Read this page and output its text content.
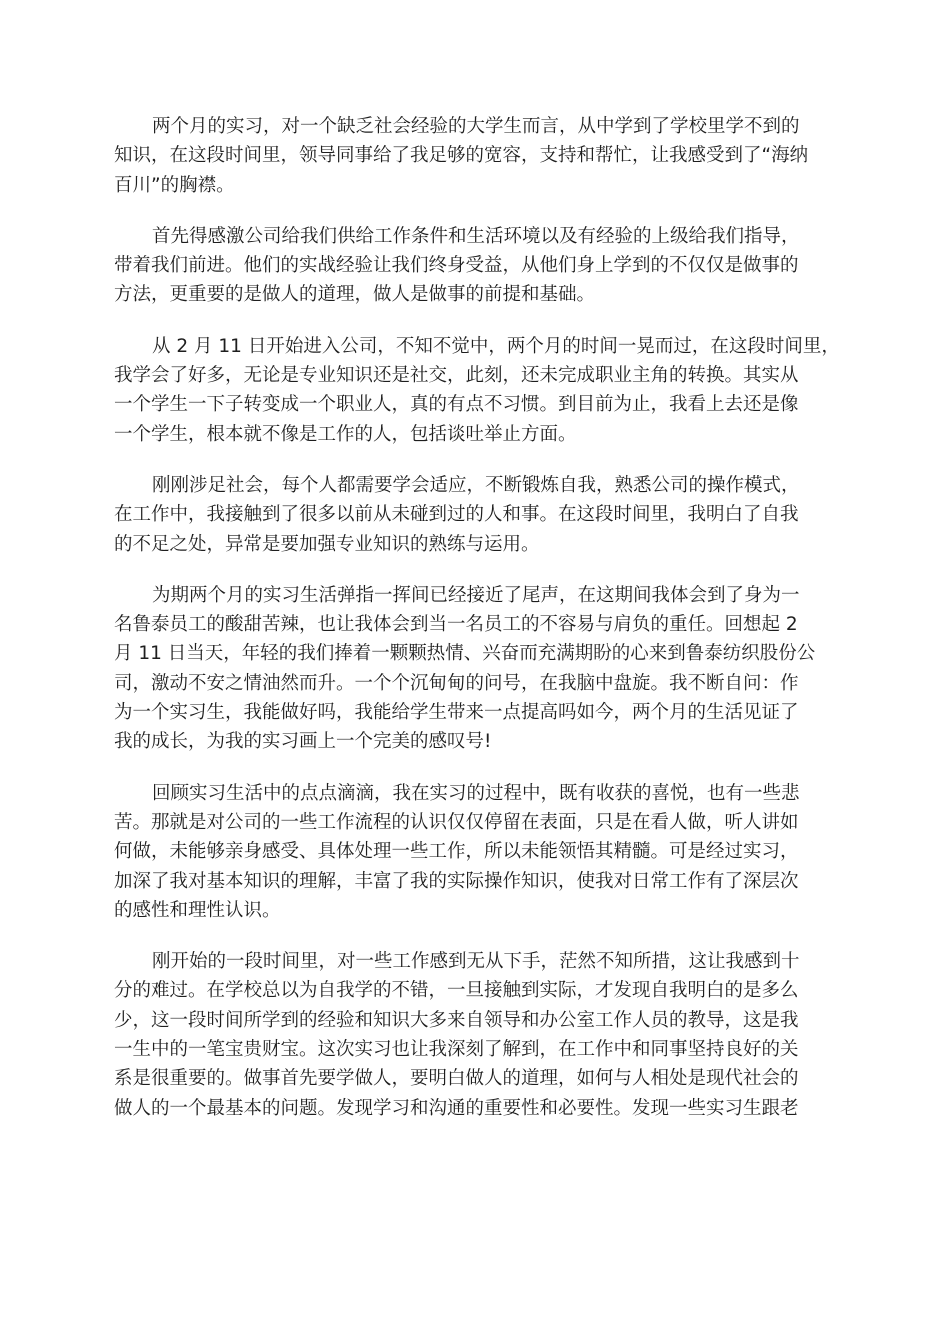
两个月的实习，对一个缺乏社会经验的大学生而言，从中学到了学校里学不到的
知识，在这段时间里，领导同事给了我足够的宽容，支持和帮忙，让我感受到了“海纳
百川”的胸襟。

首先得感激公司给我们供给工作条件和生活环境以及有经验的上级给我们指导，
带着我们前进。他们的实战经验让我们终身受益，从他们身上学到的不仅仅是做事的
方法，更重要的是做人的道理，做人是做事的前提和基础。

从 2 月 11 日开始进入公司，不知不觉中，两个月的时间一晃而过，在这段时间里，
我学会了好多，无论是专业知识还是社交，此刻，还未完成职业主角的转换。其实从
一个学生一下子转变成一个职业人，真的有点不习惯。到目前为止，我看上去还是像
一个学生，根本就不像是工作的人，包括谈吐举止方面。

刚刚涉足社会，每个人都需要学会适应，不断锻炼自我，熟悉公司的操作模式，
在工作中，我接触到了很多以前从未碰到过的人和事。在这段时间里，我明白了自我
的不足之处，异常是要加强专业知识的熟练与运用。

为期两个月的实习生活弹指一挥间已经接近了尾声，在这期间我体会到了身为一
名鲁泰员工的酸甜苦辣，也让我体会到当一名员工的不容易与肩负的重任。回想起 2
月 11 日当天，年轻的我们捧着一颗颗热情、兴奋而充满期盼的心来到鲁泰纺织股份公
司，激动不安之情油然而升。一个个沉甸甸的问号，在我脑中盘旋。我不断自问：作
为一个实习生，我能做好吗，我能给学生带来一点提高吗如今，两个月的生活见证了
我的成长，为我的实习画上一个完美的感叹号!

回顾实习生活中的点点滴滴，我在实习的过程中，既有收获的喜悦，也有一些悲
苦。那就是对公司的一些工作流程的认识仅仅停留在表面，只是在看人做，听人讲如
何做，未能够亲身感受、具体处理一些工作，所以未能领悟其精髓。可是经过实习，
加深了我对基本知识的理解，丰富了我的实际操作知识，使我对日常工作有了深层次
的感性和理性认识。

刚开始的一段时间里，对一些工作感到无从下手，茫然不知所措，这让我感到十
分的难过。在学校总以为自我学的不错，一旦接触到实际，才发现自我明白的是多么
少，这一段时间所学到的经验和知识大多来自领导和办公室工作人员的教导，这是我
一生中的一笔宝贵财宝。这次实习也让我深刻了解到，在工作中和同事坚持良好的关
系是很重要的。做事首先要学做人，要明白做人的道理，如何与人相处是现代社会的
做人的一个最基本的问题。发现学习和沟通的重要性和必要性。发现一些实习生跟老
